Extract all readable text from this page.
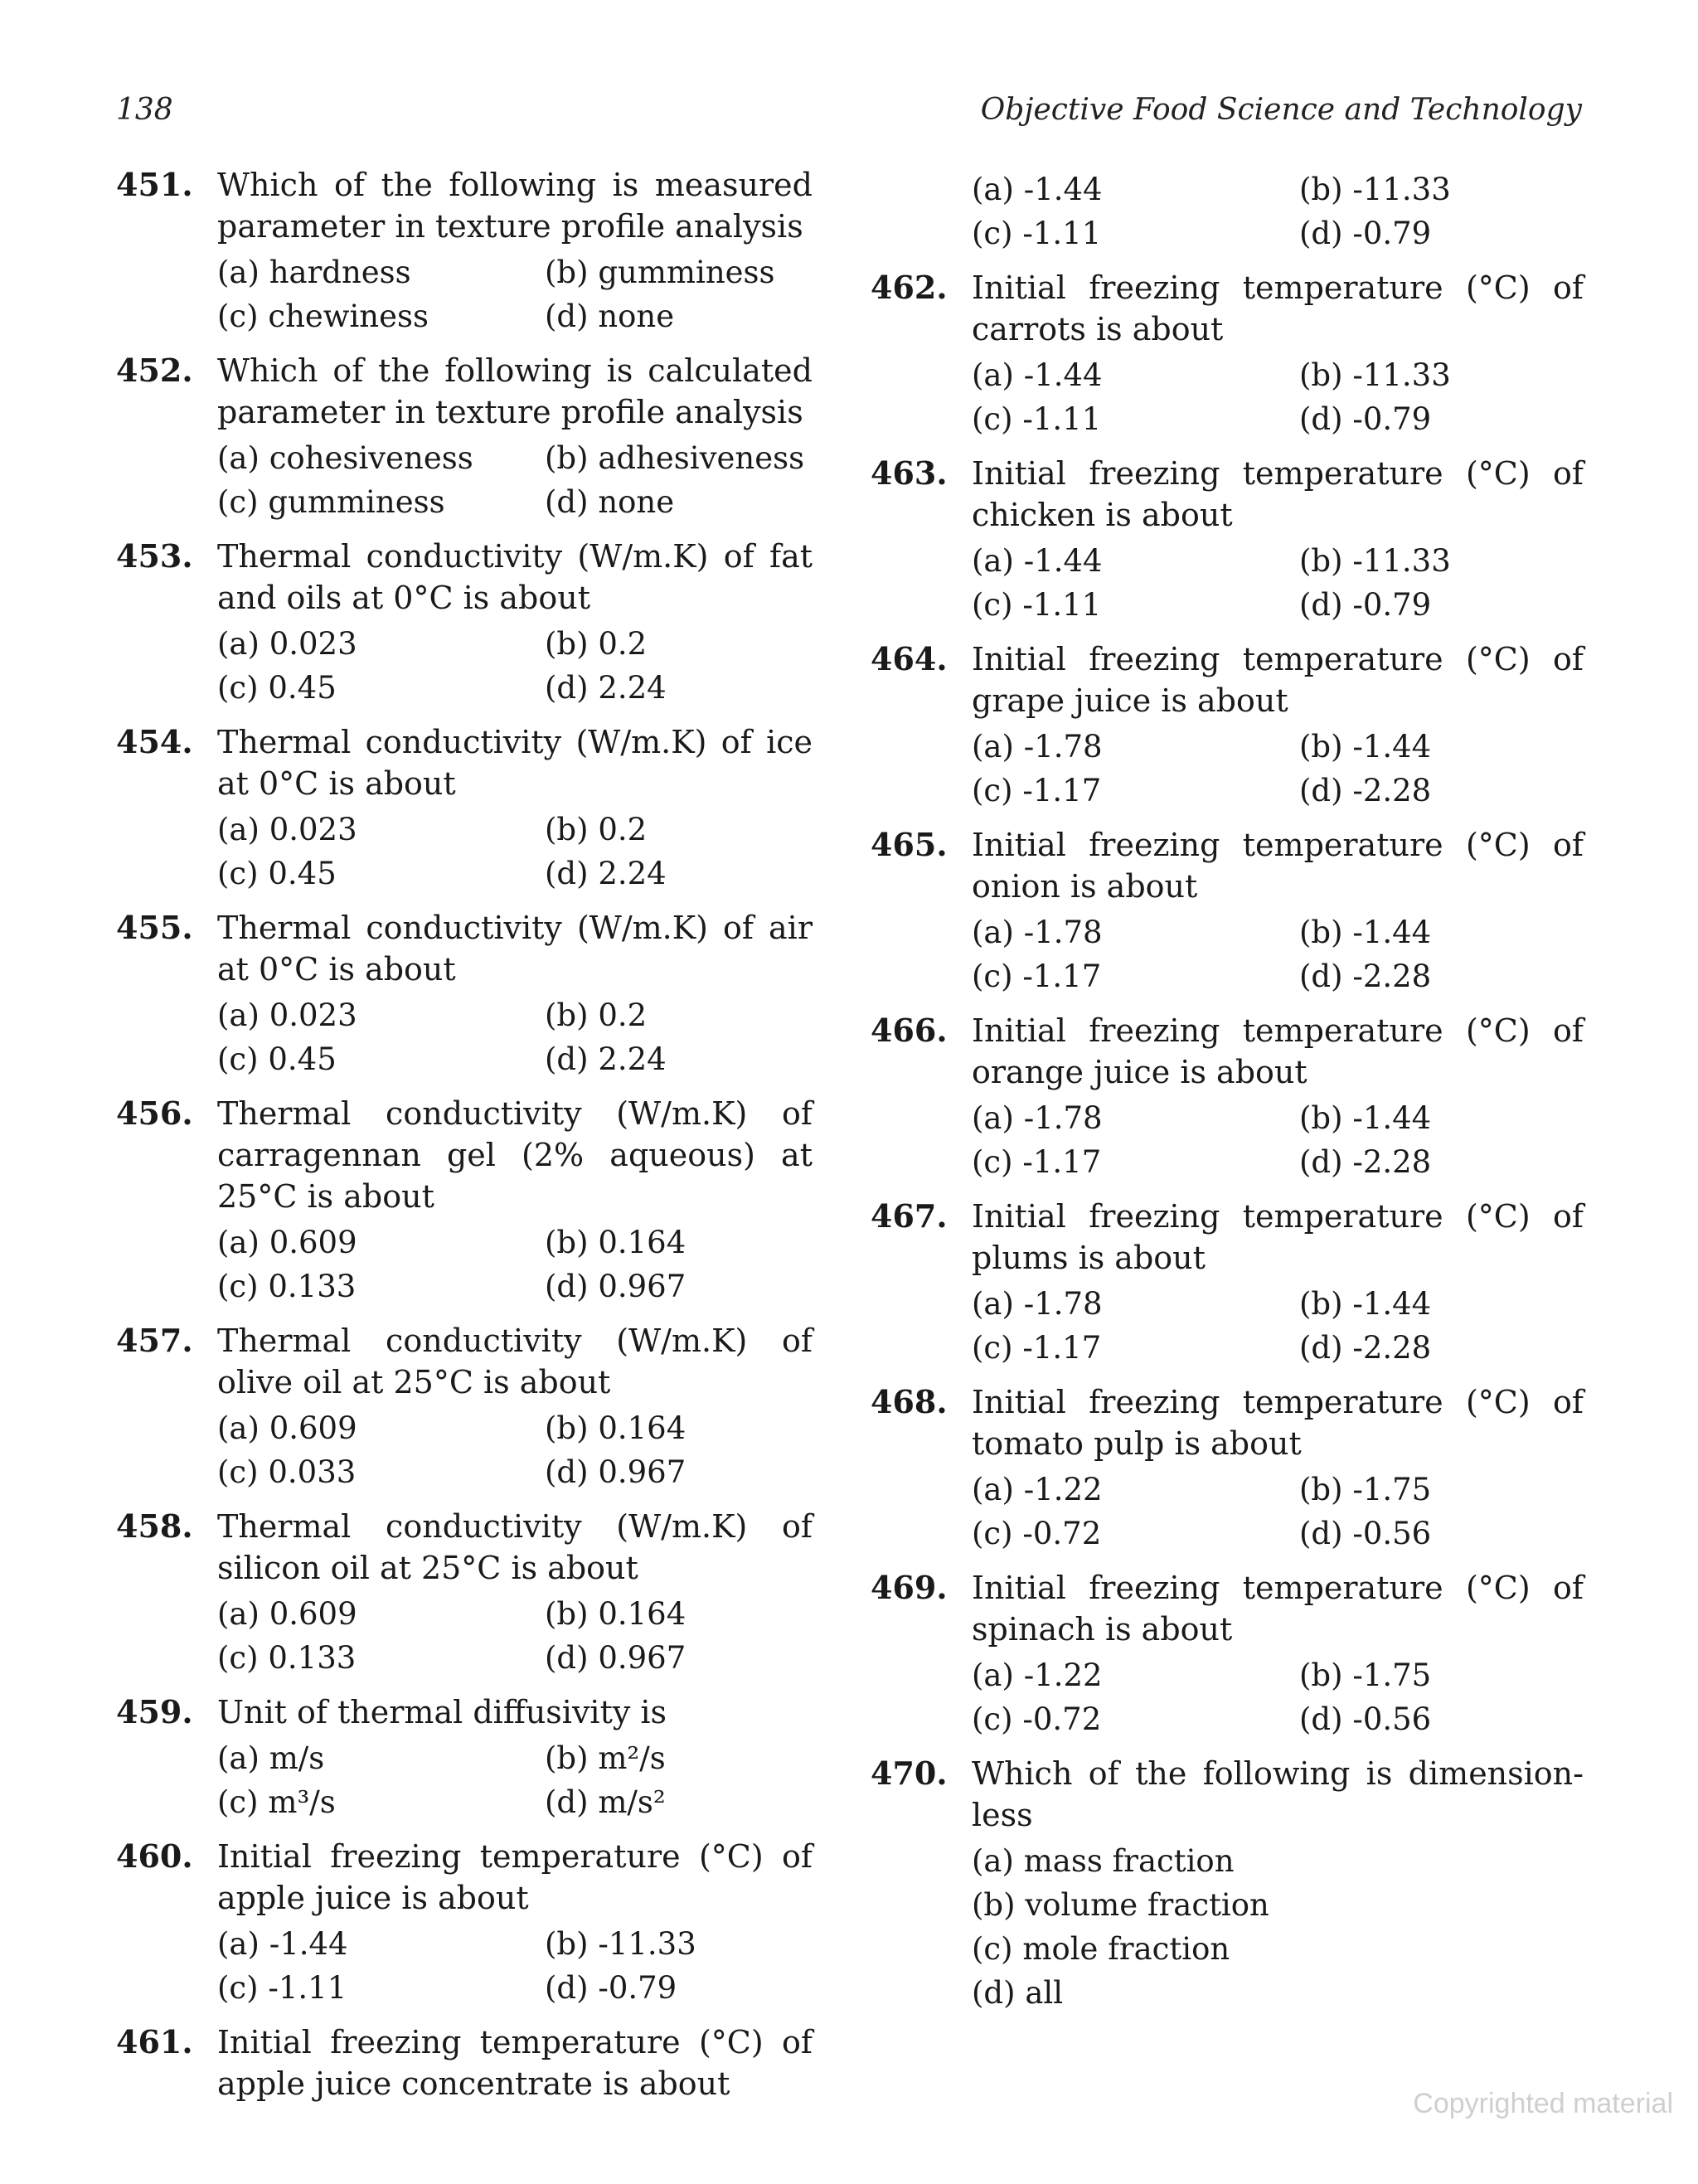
138	Objective Food Science and Technology
451. Which of the following is measured parameter in texture profile analysis
(a) hardness	(b) gumminess
(c) chewiness	(d) none
452. Which of the following is calculated parameter in texture profile analysis
(a) cohesiveness	(b) adhesiveness
(c) gumminess	(d) none
453. Thermal conductivity (W/m.K) of fat and oils at 0°C is about
(a) 0.023	(b) 0.2
(c) 0.45	(d) 2.24
454. Thermal conductivity (W/m.K) of ice at 0°C is about
(a) 0.023	(b) 0.2
(c) 0.45	(d) 2.24
455. Thermal conductivity (W/m.K) of air at 0°C is about
(a) 0.023	(b) 0.2
(c) 0.45	(d) 2.24
456. Thermal conductivity (W/m.K) of carragennan gel (2% aqueous) at 25°C is about
(a) 0.609	(b) 0.164
(c) 0.133	(d) 0.967
457. Thermal conductivity (W/m.K) of olive oil at 25°C is about
(a) 0.609	(b) 0.164
(c) 0.033	(d) 0.967
458. Thermal conductivity (W/m.K) of silicon oil at 25°C is about
(a) 0.609	(b) 0.164
(c) 0.133	(d) 0.967
459. Unit of thermal diffusivity is
(a) m/s	(b) m²/s
(c) m³/s	(d) m/s²
460. Initial freezing temperature (°C) of apple juice is about
(a) -1.44	(b) -11.33
(c) -1.11	(d) -0.79
461. Initial freezing temperature (°C) of apple juice concentrate is about
(a) -1.44	(b) -11.33
(c) -1.11	(d) -0.79
462. Initial freezing temperature (°C) of carrots is about
(a) -1.44	(b) -11.33
(c) -1.11	(d) -0.79
463. Initial freezing temperature (°C) of chicken is about
(a) -1.44	(b) -11.33
(c) -1.11	(d) -0.79
464. Initial freezing temperature (°C) of grape juice is about
(a) -1.78	(b) -1.44
(c) -1.17	(d) -2.28
465. Initial freezing temperature (°C) of onion is about
(a) -1.78	(b) -1.44
(c) -1.17	(d) -2.28
466. Initial freezing temperature (°C) of orange juice is about
(a) -1.78	(b) -1.44
(c) -1.17	(d) -2.28
467. Initial freezing temperature (°C) of plums is about
(a) -1.78	(b) -1.44
(c) -1.17	(d) -2.28
468. Initial freezing temperature (°C) of tomato pulp is about
(a) -1.22	(b) -1.75
(c) -0.72	(d) -0.56
469. Initial freezing temperature (°C) of spinach is about
(a) -1.22	(b) -1.75
(c) -0.72	(d) -0.56
470. Which of the following is dimension-less
(a) mass fraction
(b) volume fraction
(c) mole fraction
(d) all
Copyrighted material
